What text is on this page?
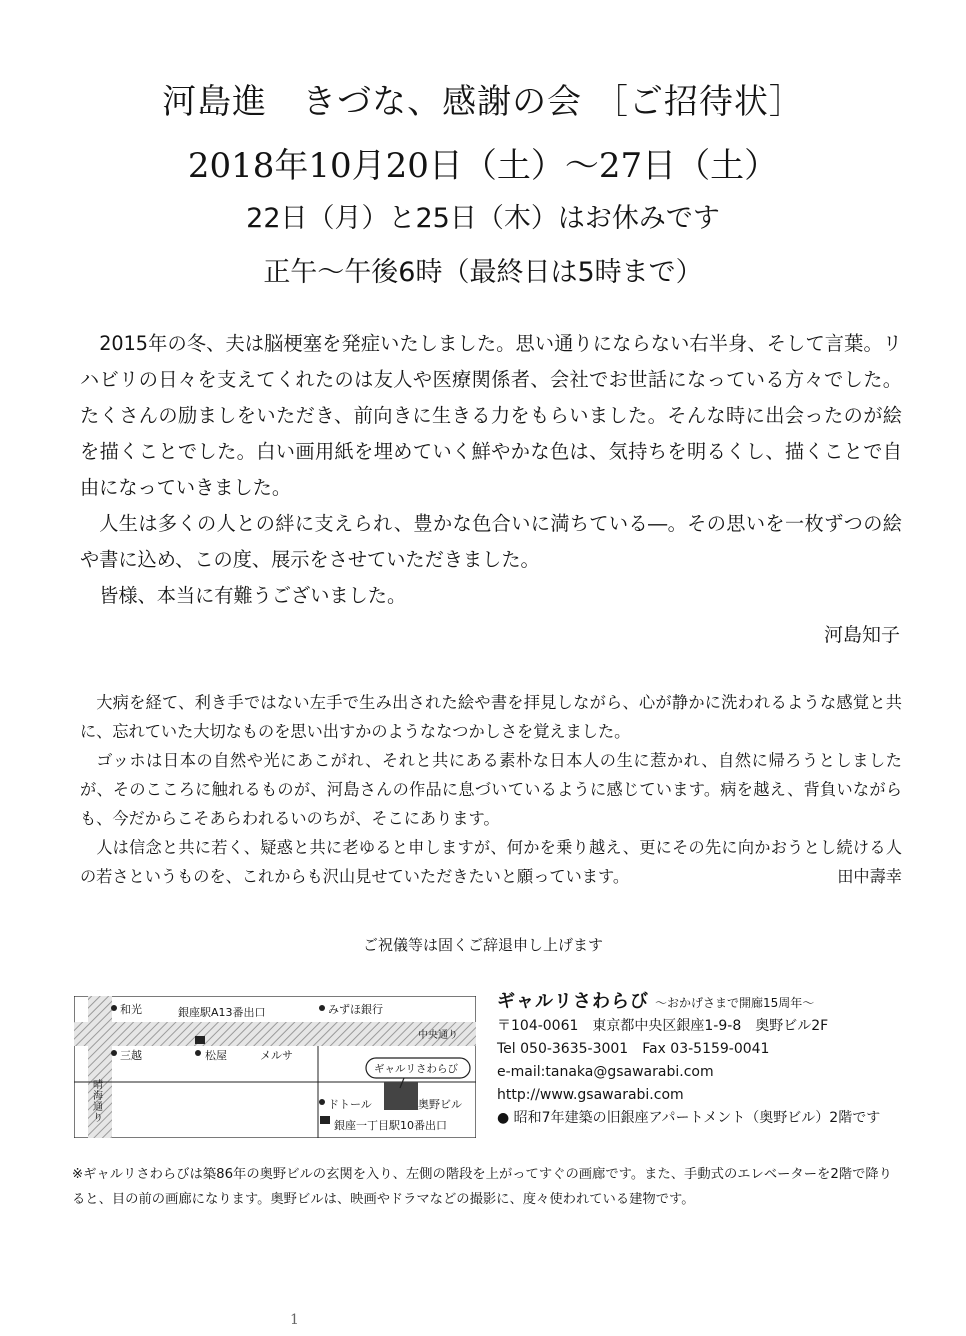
河島進　きづな、感謝の会 ［ご招待状］
2018年10月20日（土）～27日（土）
22日（月）と25日（木）はお休みです
正午～午後6時（最終日は5時まで）

2015年の冬、夫は脳梗塞を発症いたしました。思い通りにならない右半身、そして言葉。リハビリの日々を支えてくれたのは友人や医療関係者、会社でお世話になっている方々でした。たくさんの励ましをいただき、前向きに生きる力をもらいました。そんな時に出会ったのが絵を描くことでした。白い画用紙を埋めていく鮮やかな色は、気持ちを明るくし、描くことで自由になっていきました。

人生は多くの人との絆に支えられ、豊かな色合いに満ちている―。その思いを一枚ずつの絵や書に込め、この度、展示をさせていただきました。

皆様、本当に有難うございました。

河島知子

大病を経て、利き手ではない左手で生み出された絵や書を拝見しながら、心が静かに洗われるような感覚と共に、忘れていた大切なものを思い出すかのようななつかしさを覚えました。

ゴッホは日本の自然や光にあこがれ、それと共にある素朴な日本人の生に惹かれ、自然に帰ろうとしましたが、そのこころに触れるものが、河島さんの作品に息づいているように感じています。病を越え、背負いながらも、今だからこそあらわれるいのちが、そこにあります。

人は信念と共に若く、疑惑と共に老ゆると申しますが、何かを乗り越え、更にその先に向かおうとし続ける人の若さというものを、これからも沢山見せていただきたいと願っています。	田中壽幸

ご祝儀等は固くご辞退申し上げます
和光	銀座駅A13番出口	みずほ銀行
中央通り
三越	松屋	メルサ
ギャルリさわらび
ドトール	奥野ビル
銀座一丁目駅10番出口
晴海通り
ギャルリさわらび ～おかげさまで開廊15周年～
〒104-0061　東京都中央区銀座1-9-8　奥野ビル2F
Tel 050-3635-3001　Fax 03-5159-0041
e-mail:tanaka@gsawarabi.com
http://www.gsawarabi.com
● 昭和7年建築の旧銀座アパートメント（奥野ビル）2階です
※ギャルリさわらびは築86年の奥野ビルの玄関を入り、左側の階段を上がってすぐの画廊です。また、手動式のエレベーターを2階で降りると、目の前の画廊になります。奥野ビルは、映画やドラマなどの撮影に、度々使われている建物です。
1
